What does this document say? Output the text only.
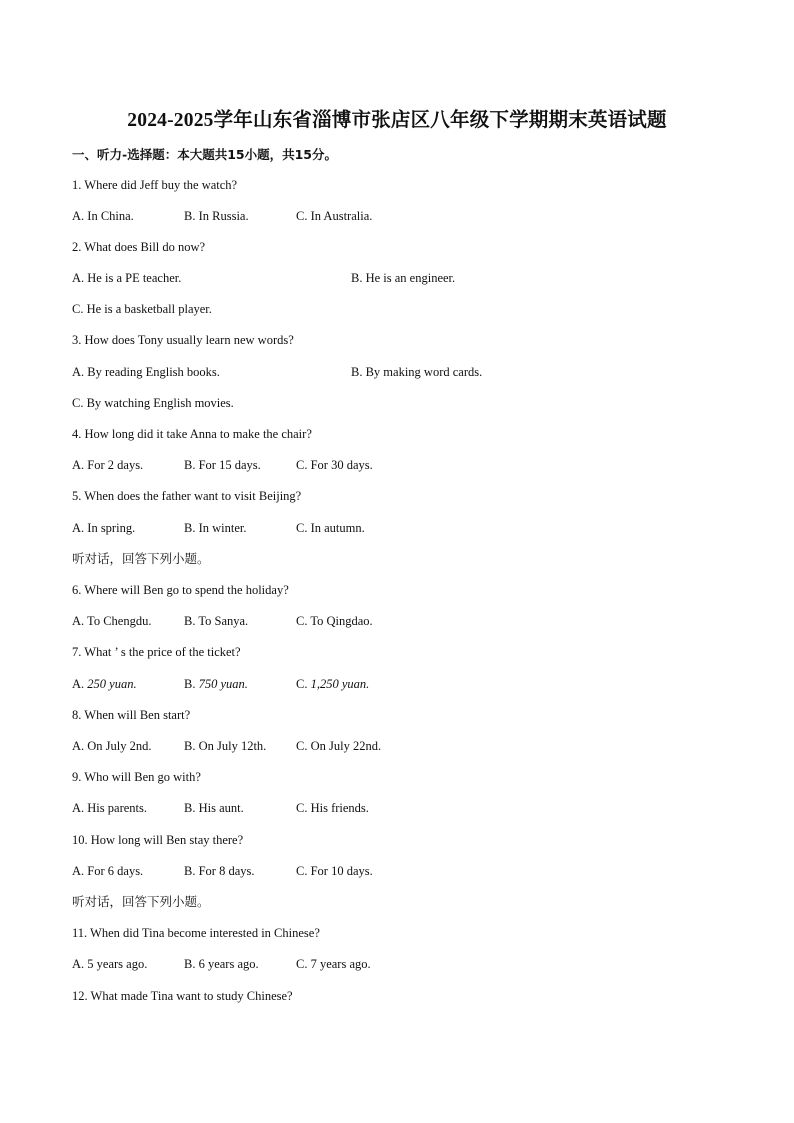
2024-2025学年山东省淄博市张店区八年级下学期期末英语试题
一、听力-选择题：本大题共15小题，共15分。
1. Where did Jeff buy the watch?
A. In China.	B. In Russia.	C. In Australia.
2. What does Bill do now?
A. He is a PE teacher.	B. He is an engineer.
C. He is a basketball player.
3. How does Tony usually learn new words?
A. By reading English books.	B. By making word cards.
C. By watching English movies.
4. How long did it take Anna to make the chair?
A. For 2 days.	B. For 15 days.	C. For 30 days.
5. When does the father want to visit Beijing?
A. In spring.	B. In winter.	C. In autumn.
听对话，回答下列小题。
6. Where will Ben go to spend the holiday?
A. To Chengdu.	B. To Sanya.	C. To Qingdao.
7. What ’ s the price of the ticket?
A. 250 yuan.	B. 750 yuan.	C. 1,250 yuan.
8. When will Ben start?
A. On July 2nd.	B. On July 12th. C. On July 22nd.
9. Who will Ben go with?
A. His parents.	B. His aunt.	C. His friends.
10. How long will Ben stay there?
A. For 6 days.	B. For 8 days.	C. For 10 days.
听对话，回答下列小题。
11. When did Tina become interested in Chinese?
A. 5 years ago.	B. 6 years ago.	C. 7 years ago.
12. What made Tina want to study Chinese?
